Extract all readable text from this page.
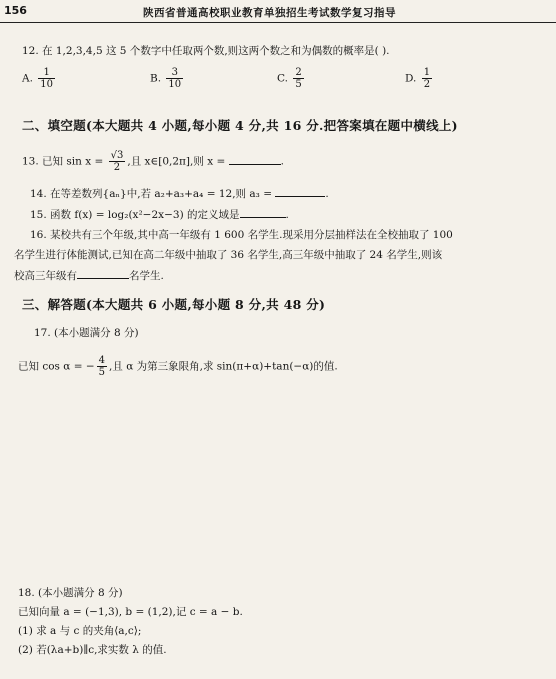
156	陕西省普通高校职业教育单独招生考试数学复习指导
12. 在 1,2,3,4,5 这 5 个数字中任取两个数,则这两个数之和为偶数的概率是( ).
A. $\frac{1}{10}$	B. $\frac{3}{10}$	C. $\frac{2}{5}$	D. $\frac{1}{2}$
二、填空题(本大题共 4 小题,每小题 4 分,共 16 分.把答案填在题中横线上)
13. 已知 $\sin x = \frac{√3}{2}$ ,且 x∈[0,2π],则 x =	.
14. 在等差数列{aₙ}中,若 a₂+a₃+a₄ = 12,则 a₃ =	.
15. 函数 f(x) = log₂(x²−2x−3) 的定义域是	.
16. 某校共有三个年级,其中高一年级有 1 600 名学生.现采用分层抽样法在全校抽取了 100
名学生进行体能测试,已知在高二年级中抽取了 36 名学生,高三年级中抽取了 24 名学生,则该
校高三年级有	名学生.
三、解答题(本大题共 6 小题,每小题 8 分,共 48 分)
17. (本小题满分 8 分)
已知 cos α = − $\frac{4}{5}$ ,且 α 为第三象限角,求 sin(π+α)+tan(−α)的值.
18. (本小题满分 8 分)
已知向量 a = (−1,3), b = (1,2),记 c = a − b.
(1) 求 a 与 c 的夹角⟨a,c⟩;
(2) 若(λa+b)∥c,求实数 λ 的值.
